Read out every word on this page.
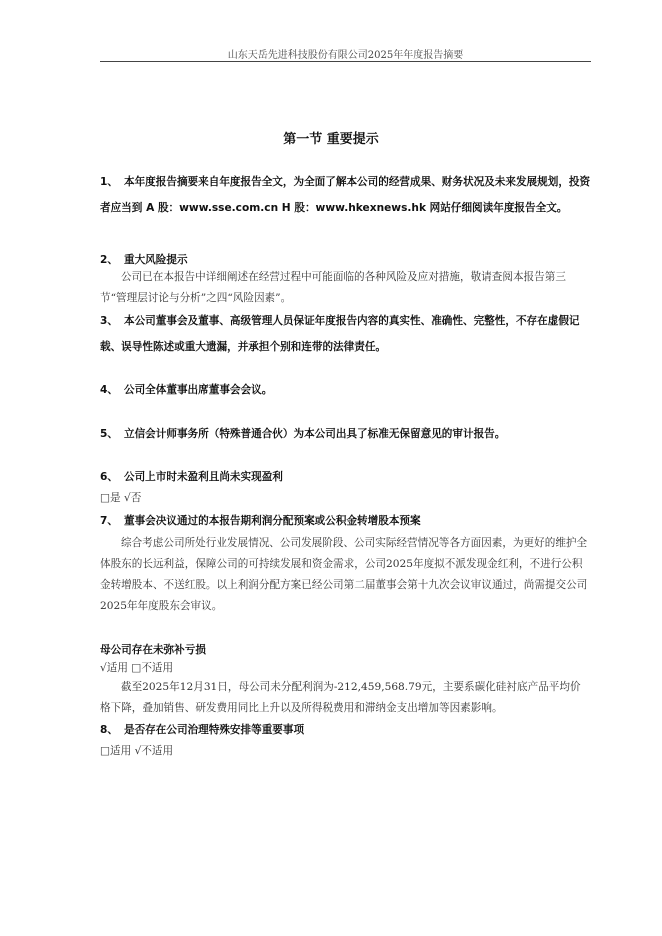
山东天岳先进科技股份有限公司2025年年度报告摘要
第一节 重要提示
1、 本年度报告摘要来自年度报告全文，为全面了解本公司的经营成果、财务状况及未来发展规划，投资者应当到 A 股：www.sse.com.cn H 股：www.hkexnews.hk 网站仔细阅读年度报告全文。
2、 重大风险提示
公司已在本报告中详细阐述在经营过程中可能面临的各种风险及应对措施，敬请查阅本报告第三节“管理层讨论与分析”之四“风险因素”。
3、 本公司董事会及董事、高级管理人员保证年度报告内容的真实性、准确性、完整性，不存在虚假记载、误导性陈述或重大遗漏，并承担个别和连带的法律责任。
4、 公司全体董事出席董事会会议。
5、 立信会计师事务所（特殊普通合伙）为本公司出具了标准无保留意见的审计报告。
6、 公司上市时未盈利且尚未实现盈利
□是 √否
7、 董事会决议通过的本报告期利润分配预案或公积金转增股本预案
综合考虑公司所处行业发展情况、公司发展阶段、公司实际经营情况等各方面因素，为更好的维护全体股东的长远利益，保障公司的可持续发展和资金需求，公司2025年度拟不派发现金红利，不进行公积金转增股本、不送红股。以上利润分配方案已经公司第二届董事会第十九次会议审议通过，尚需提交公司2025年年度股东会审议。
母公司存在未弥补亏损
√适用 □不适用
截至2025年12月31日，母公司未分配利润为-212,459,568.79元，主要系碳化硅衬底产品平均价格下降，叠加销售、研发费用同比上升以及所得税费用和滞纳金支出增加等因素影响。
8、 是否存在公司治理特殊安排等重要事项
□适用 √不适用
